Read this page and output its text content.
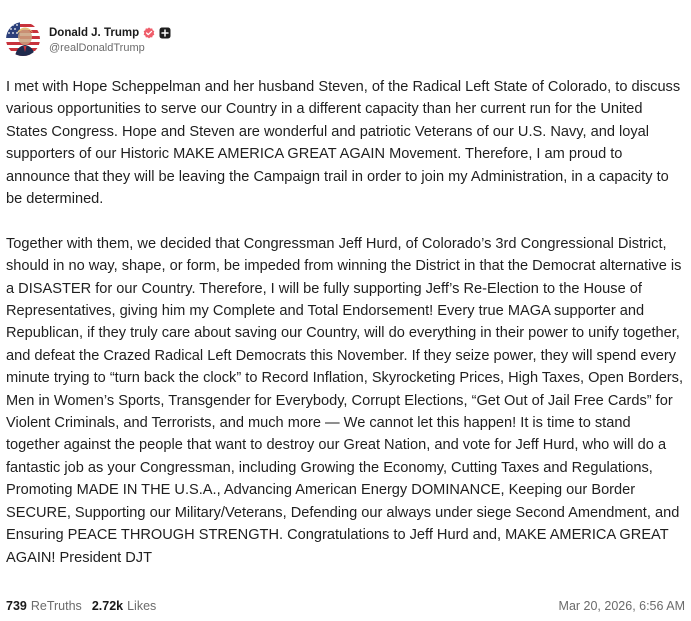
Donald J. Trump
@realDonaldTrump

I met with Hope Scheppelman and her husband Steven, of the Radical Left State of Colorado, to discuss various opportunities to serve our Country in a different capacity than her current run for the United States Congress. Hope and Steven are wonderful and patriotic Veterans of our U.S. Navy, and loyal supporters of our Historic MAKE AMERICA GREAT AGAIN Movement. Therefore, I am proud to announce that they will be leaving the Campaign trail in order to join my Administration, in a capacity to be determined.

Together with them, we decided that Congressman Jeff Hurd, of Colorado’s 3rd Congressional District, should in no way, shape, or form, be impeded from winning the District in that the Democrat alternative is a DISASTER for our Country. Therefore, I will be fully supporting Jeff’s Re-Election to the House of Representatives, giving him my Complete and Total Endorsement! Every true MAGA supporter and Republican, if they truly care about saving our Country, will do everything in their power to unify together, and defeat the Crazed Radical Left Democrats this November. If they seize power, they will spend every minute trying to “turn back the clock” to Record Inflation, Skyrocketing Prices, High Taxes, Open Borders, Men in Women’s Sports, Transgender for Everybody, Corrupt Elections, “Get Out of Jail Free Cards” for Violent Criminals, and Terrorists, and much more — We cannot let this happen! It is time to stand together against the people that want to destroy our Great Nation, and vote for Jeff Hurd, who will do a fantastic job as your Congressman, including Growing the Economy, Cutting Taxes and Regulations, Promoting MADE IN THE U.S.A., Advancing American Energy DOMINANCE, Keeping our Border SECURE, Supporting our Military/Veterans, Defending our always under siege Second Amendment, and Ensuring PEACE THROUGH STRENGTH. Congratulations to Jeff Hurd and, MAKE AMERICA GREAT AGAIN! President DJT

739 ReTruths 2.72k Likes	Mar 20, 2026, 6:56 AM
